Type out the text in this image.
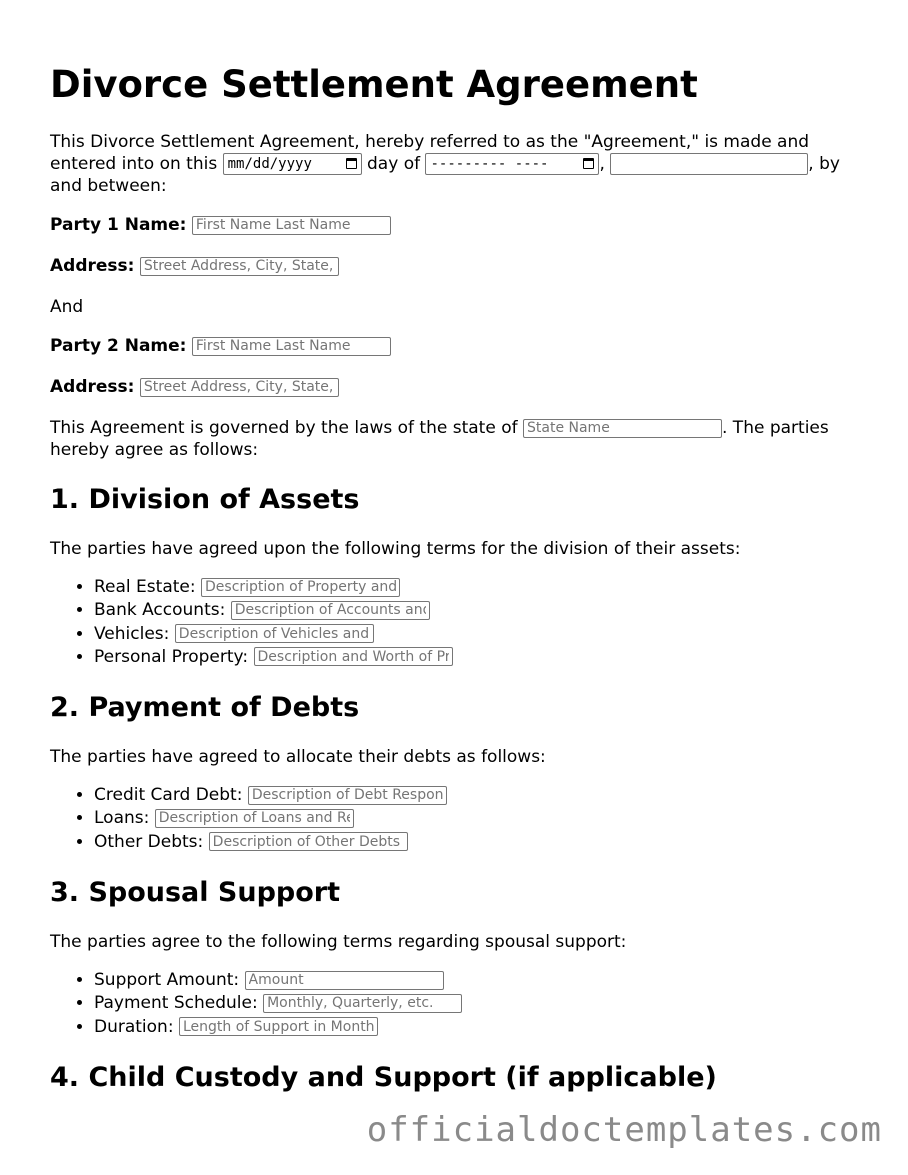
Divorce Settlement Agreement
This Divorce Settlement Agreement, hereby referred to as the "Agreement," is made and entered into on this mm/dd/yyyy	day of --------- ----	,	, by and between:
Party 1 Name: First Name Last Name
Address: Street Address, City, State, Zip
And
Party 2 Name: First Name Last Name
Address: Street Address, City, State, Zip
This Agreement is governed by the laws of the state of State Name	. The parties hereby agree as follows:
1. Division of Assets
The parties have agreed upon the following terms for the division of their assets:
• Real Estate: Description of Property and Division
• Bank Accounts: Description of Accounts and Division
• Vehicles: Description of Vehicles and Division
• Personal Property: Description and Worth of Property
2. Payment of Debts
The parties have agreed to allocate their debts as follows:
• Credit Card Debt: Description of Debt Responsibility
• Loans: Description of Loans and Responsibility
• Other Debts: Description of Other Debts
3. Spousal Support
The parties agree to the following terms regarding spousal support:
• Support Amount: Amount
• Payment Schedule: Monthly, Quarterly, etc.
• Duration: Length of Support in Months/Years
4. Child Custody and Support (if applicable)
officialdoctemplates.com
